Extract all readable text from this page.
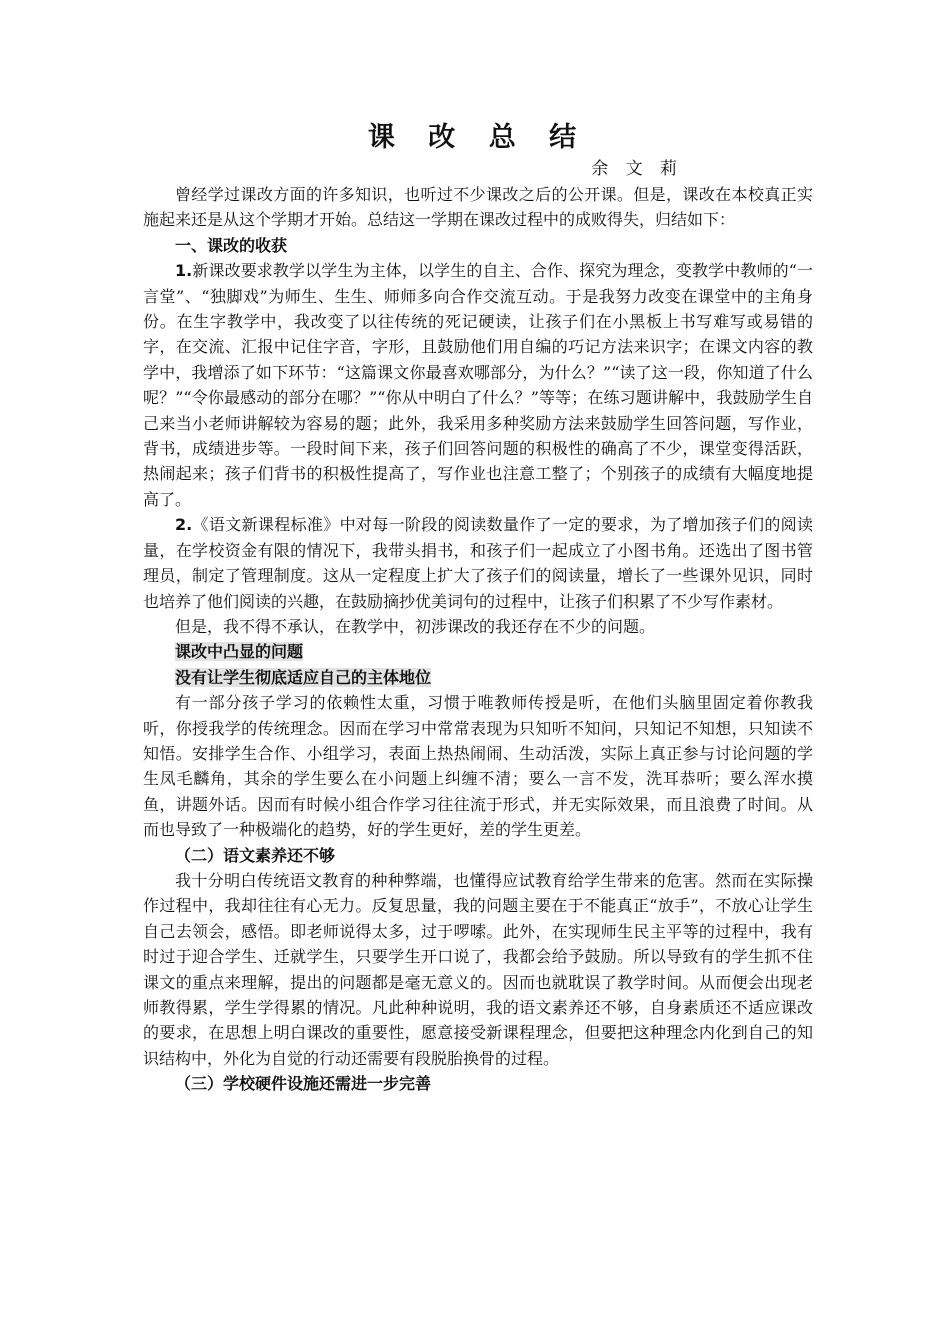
课 改 总 结
余 文 莉

曾经学过课改方面的许多知识，也听过不少课改之后的公开课。但是，课改在本校真正实施起来还是从这个学期才开始。总结这一学期在课改过程中的成败得失，归结如下：

一、课改的收获

1.新课改要求教学以学生为主体，以学生的自主、合作、探究为理念，变教学中教师的“一言堂”、“独脚戏”为师生、生生、师师多向合作交流互动。于是我努力改变在课堂中的主角身份。在生字教学中，我改变了以往传统的死记硬读，让孩子们在小黑板上书写难写或易错的字，在交流、汇报中记住字音，字形，且鼓励他们用自编的巧记方法来识字；在课文内容的教学中，我增添了如下环节：“这篇课文你最喜欢哪部分，为什么？”“读了这一段，你知道了什么呢？”“令你最感动的部分在哪？”“你从中明白了什么？”等等；在练习题讲解中，我鼓励学生自己来当小老师讲解较为容易的题；此外，我采用多种奖励方法来鼓励学生回答问题，写作业，背书，成绩进步等。一段时间下来，孩子们回答问题的积极性的确高了不少，课堂变得活跃，热闹起来；孩子们背书的积极性提高了，写作业也注意工整了；个别孩子的成绩有大幅度地提高了。

2.《语文新课程标准》中对每一阶段的阅读数量作了一定的要求，为了增加孩子们的阅读量，在学校资金有限的情况下，我带头捐书，和孩子们一起成立了小图书角。还选出了图书管理员，制定了管理制度。这从一定程度上扩大了孩子们的阅读量，增长了一些课外见识，同时也培养了他们阅读的兴趣，在鼓励摘抄优美词句的过程中，让孩子们积累了不少写作素材。

但是，我不得不承认，在教学中，初涉课改的我还存在不少的问题。

课改中凸显的问题
没有让学生彻底适应自己的主体地位

有一部分孩子学习的依赖性太重，习惯于唯教师传授是听，在他们头脑里固定着你教我听，你授我学的传统理念。因而在学习中常常表现为只知听不知问，只知记不知想，只知读不知悟。安排学生合作、小组学习，表面上热热闹闹、生动活泼，实际上真正参与讨论问题的学生凤毛麟角，其余的学生要么在小问题上纠缠不清；要么一言不发，洗耳恭听；要么浑水摸鱼，讲题外话。因而有时候小组合作学习往往流于形式，并无实际效果，而且浪费了时间。从而也导致了一种极端化的趋势，好的学生更好，差的学生更差。

（二）语文素养还不够

我十分明白传统语文教育的种种弊端，也懂得应试教育给学生带来的危害。然而在实际操作过程中，我却往往有心无力。反复思量，我的问题主要在于不能真正“放手”，不放心让学生自己去领会，感悟。即老师说得太多，过于啰嗦。此外，在实现师生民主平等的过程中，我有时过于迎合学生、迁就学生，只要学生开口说了，我都会给予鼓励。所以导致有的学生抓不住课文的重点来理解，提出的问题都是毫无意义的。因而也就耽误了教学时间。从而便会出现老师教得累，学生学得累的情况。凡此种种说明，我的语文素养还不够，自身素质还不适应课改的要求，在思想上明白课改的重要性，愿意接受新课程理念，但要把这种理念内化到自己的知识结构中，外化为自觉的行动还需要有段脱胎换骨的过程。

（三）学校硬件设施还需进一步完善
